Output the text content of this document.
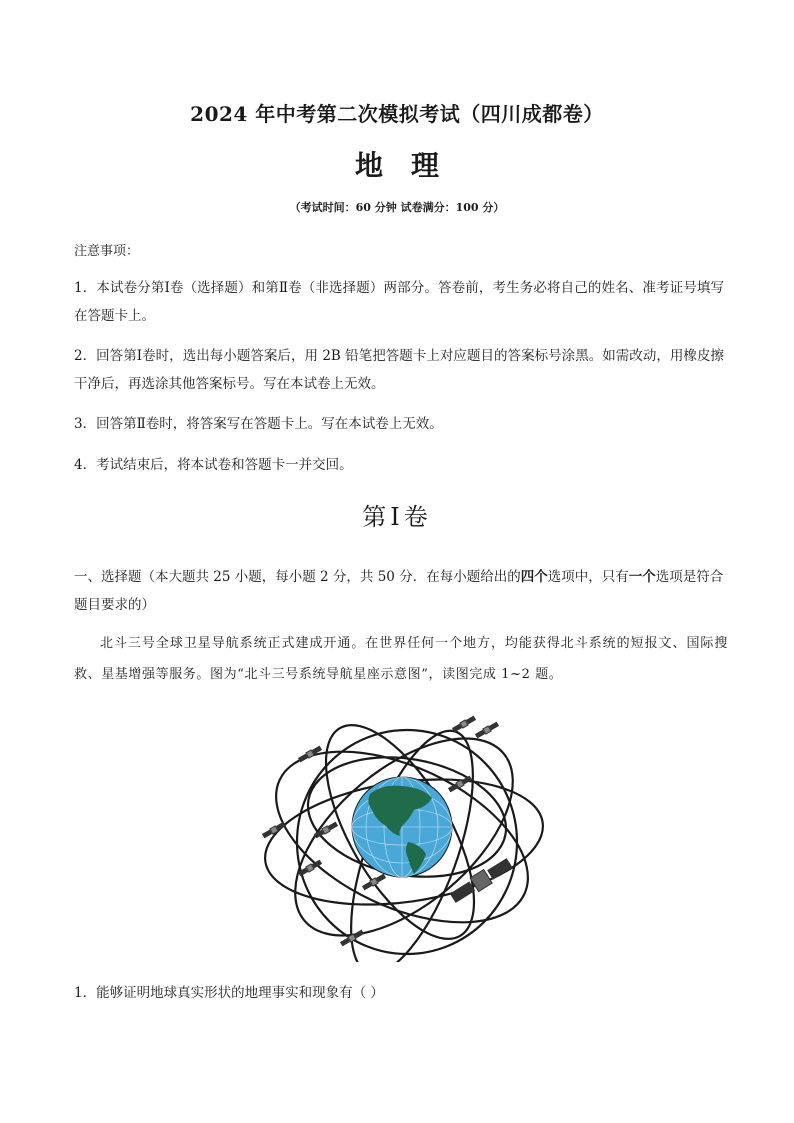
2024 年中考第二次模拟考试（四川成都卷）
地理
（考试时间：60 分钟 试卷满分：100 分）
注意事项：
1．本试卷分第Ⅰ卷（选择题）和第Ⅱ卷（非选择题）两部分。答卷前，考生务必将自己的姓名、准考证号填写在答题卡上。
2．回答第Ⅰ卷时，选出每小题答案后，用 2B 铅笔把答题卡上对应题目的答案标号涂黑。如需改动，用橡皮擦干净后，再选涂其他答案标号。写在本试卷上无效。
3．回答第Ⅱ卷时，将答案写在答题卡上。写在本试卷上无效。
4．考试结束后，将本试卷和答题卡一并交回。
第Ⅰ卷
一、选择题（本大题共 25 小题，每小题 2 分，共 50 分．在每小题给出的四个选项中，只有一个选项是符合题目要求的）
北斗三号全球卫星导航系统正式建成开通。在世界任何一个地方，均能获得北斗系统的短报文、国际搜救、星基增强等服务。图为“北斗三号系统导航星座示意图”，读图完成 1~2 题。
1．能够证明地球真实形状的地理事实和现象有（ ）
